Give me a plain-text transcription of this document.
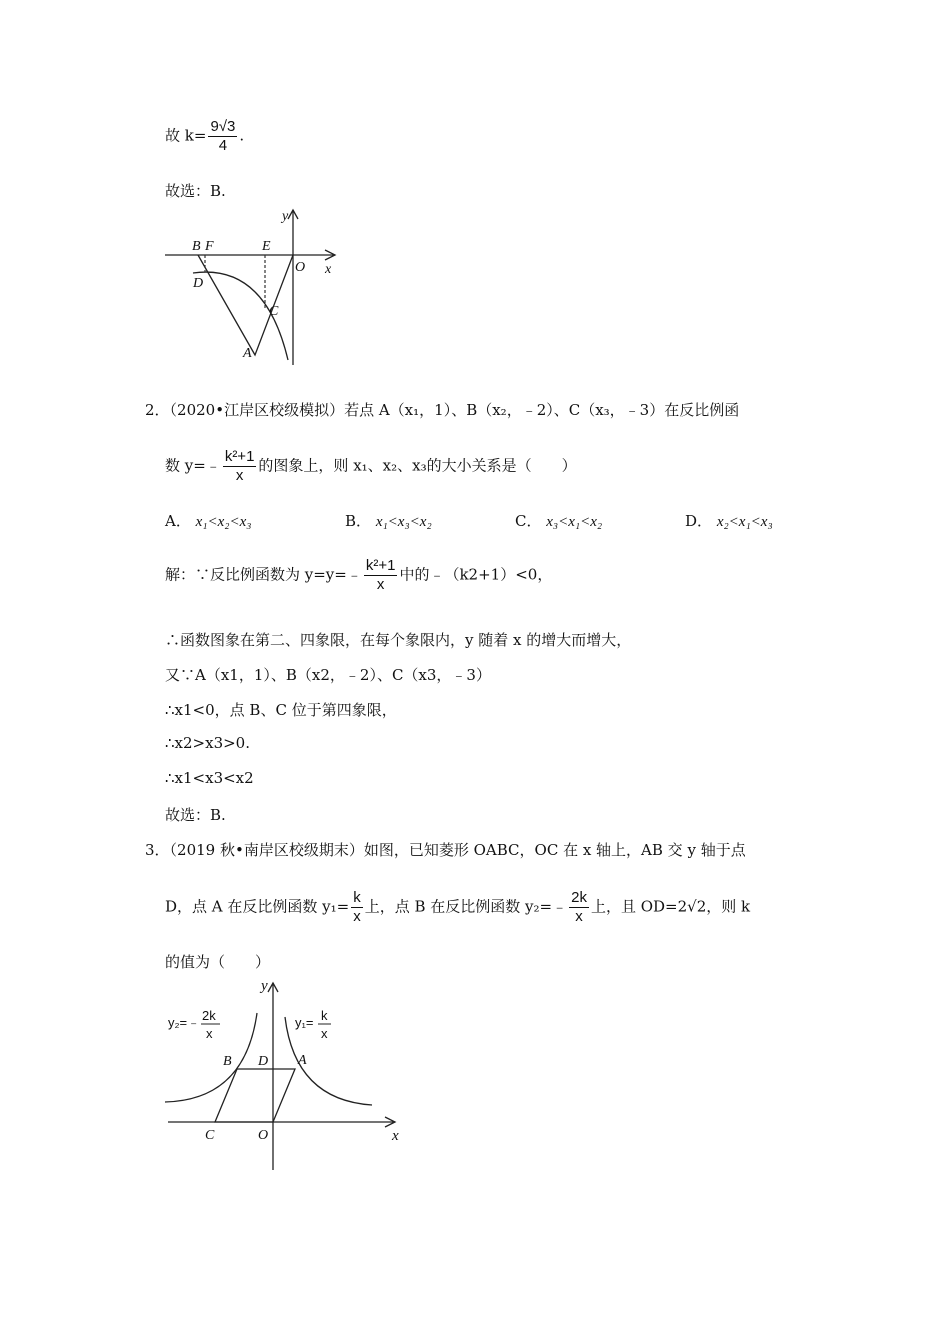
故 $k= \frac{9√3}{4}$ .
故选：B.
B F	E
y
O x
D
C
A
2．（2020•江岸区校级模拟）若点 A（x₁，1）、B（x₂，﹣2）、C（x₃，﹣3）在反比例函
数 y=﹣ $\frac{\text{k²+1}}{x}$ 的图象上，则 x₁、x₂、x₃的大小关系是（　　）
A． x₁<x₂<x₃	B． x₁<x₃<x₂	C． x₃<x₁<x₂	D． x₂<x₁<x₃
解：∵反比例函数为 y=y=﹣ $\frac{\text{k²+1}}{x}$ 中的﹣（k2+1）<0，
∴函数图象在第二、四象限，在每个象限内，y 随着 x 的增大而增大，
又∵A（x1，1）、B（x2，﹣2）、C（x3，﹣3）
∴x1<0，点 B、C 位于第四象限，
∴x2>x3>0.
∴x1<x3<x2
故选：B.
3．（2019 秋•南岸区校级期末）如图，已知菱形 OABC，OC 在 x 轴上，AB 交 y 轴于点
D，点 A 在反比例函数 $y_1= \frac{k}{x}$ 上，点 B 在反比例函数 y₂=﹣ $\frac{2k}{x}$ 上，且 OD=2√2，则 k
的值为（　　）
y
x
O
C
B D A
y₂=﹣ 2k
x
y₁= k
x
